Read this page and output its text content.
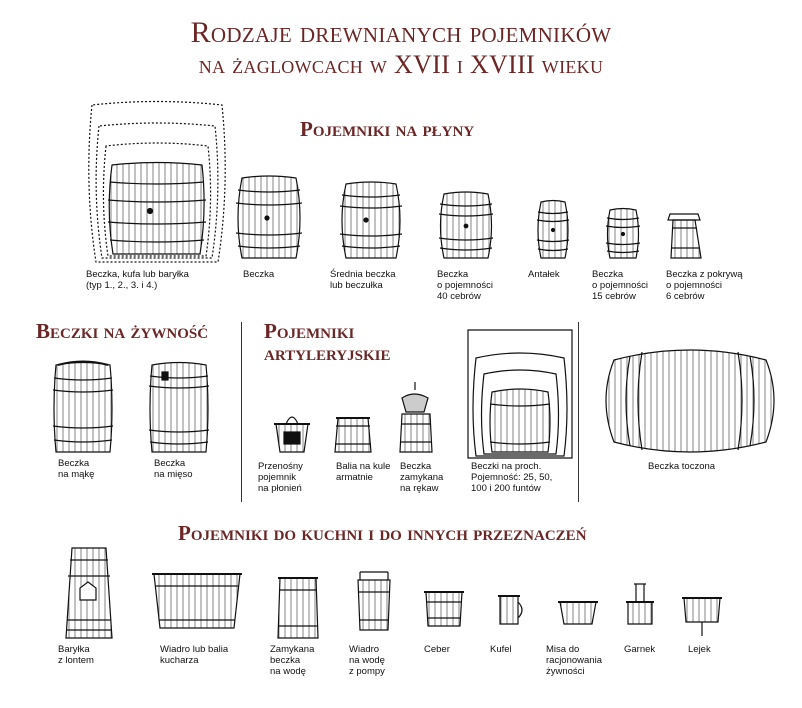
Rodzaje drewnianych pojemników
na żaglowcach w XVII i XVIII wieku
Pojemniki na płyny
Beczki na żywność	Pojemniki
artyleryjskie
Pojemniki do kuchni i do innych przeznaczeń
Beczka, kufa lub baryłka
(typ 1., 2., 3. i 4.)
Beczka	Średnia beczka
lub beczułka
Beczka
o pojemności
40 cebrów
Antałek	Beczka
o pojemności
15 cebrów
Beczka z pokrywą
o pojemności
6 cebrów
Beczka
na mąkę
Beczka
na mięso
Przenośny
pojemnik
na płonień
Balia na kule
armatnie
Beczka
zamykana
na rękaw
Beczki na proch.
Pojemność: 25, 50,
100 i 200 funtów
Beczka toczona
Baryłka
z lontem
Wiadro lub balia
kucharza
Zamykana
beczka
na wodę
Wiadro
na wodę
z pompy
Ceber	Kufel	Misa do
racjonowania
żywności
Garnek	Lejek
